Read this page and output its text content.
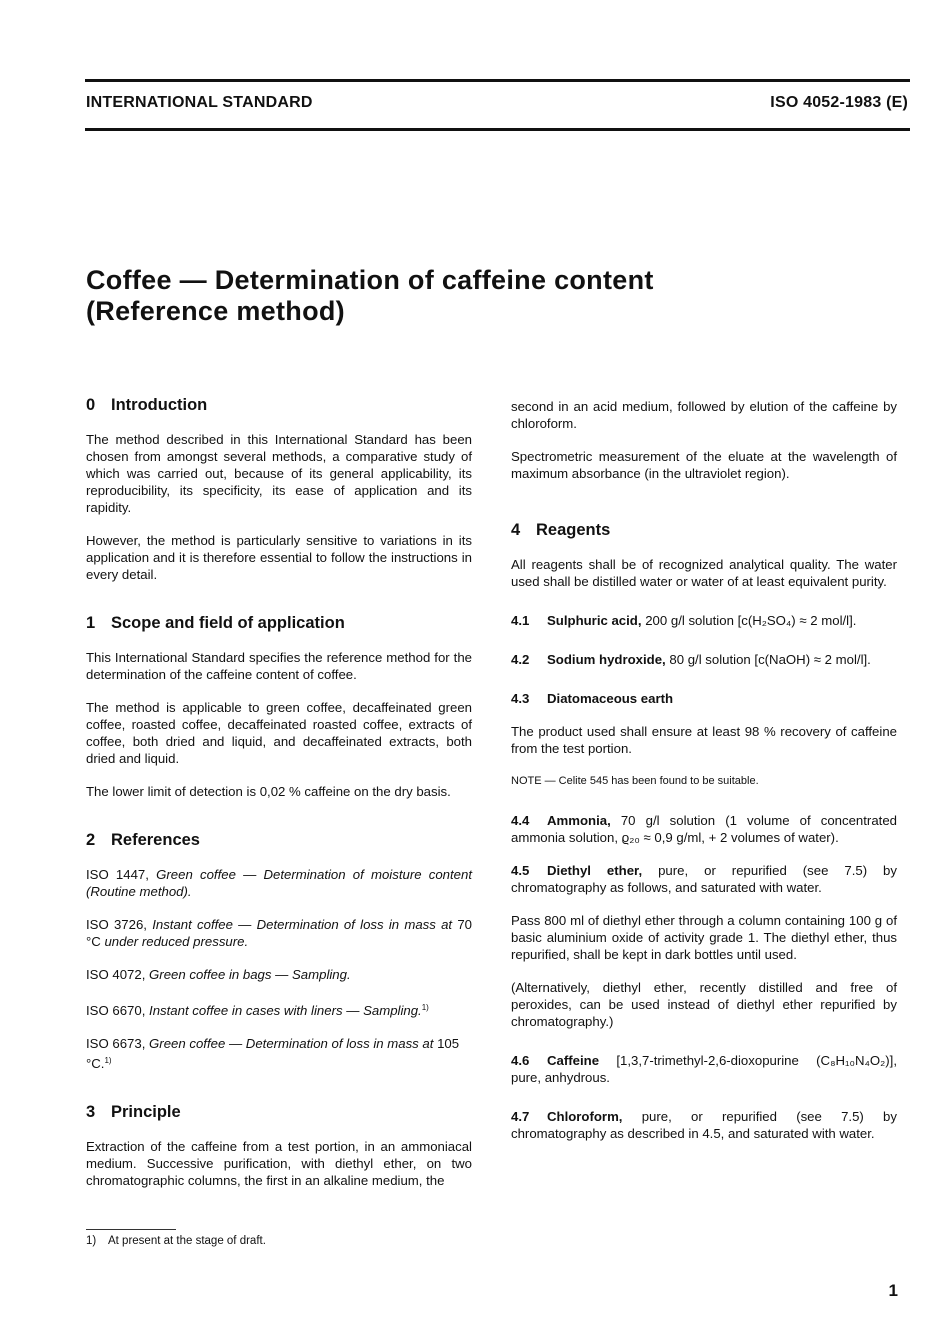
INTERNATIONAL STANDARD	ISO 4052-1983 (E)
Coffee — Determination of caffeine content
(Reference method)
0 Introduction

The method described in this International Standard has been chosen from amongst several methods, a comparative study of which was carried out, because of its general applicability, its reproducibility, its specificity, its ease of application and its rapidity.

However, the method is particularly sensitive to variations in its application and it is therefore essential to follow the instructions in every detail.

1 Scope and field of application

This International Standard specifies the reference method for the determination of the caffeine content of coffee.

The method is applicable to green coffee, decaffeinated green coffee, roasted coffee, decaffeinated roasted coffee, extracts of coffee, both dried and liquid, and decaffeinated extracts, both dried and liquid.

The lower limit of detection is 0,02 % caffeine on the dry basis.

2 References

ISO 1447, Green coffee — Determination of moisture content (Routine method).

ISO 3726, Instant coffee — Determination of loss in mass at 70 °C under reduced pressure.

ISO 4072, Green coffee in bags — Sampling.

ISO 6670, Instant coffee in cases with liners — Sampling.$^{1)}$

ISO 6673, Green coffee — Determination of loss in mass at 105 °C.$^{1)}$

3 Principle

Extraction of the caffeine from a test portion, in an ammoniacal medium. Successive purification, with diethyl ether, on two chromatographic columns, the first in an alkaline medium, the

second in an acid medium, followed by elution of the caffeine by chloroform.

Spectrometric measurement of the eluate at the wavelength of maximum absorbance (in the ultraviolet region).

4 Reagents

All reagents shall be of recognized analytical quality. The water used shall be distilled water or water of at least equivalent purity.

4.1 Sulphuric acid, 200 g/l solution [c(H₂SO₄) ≈ 2 mol/l].
4.2 Sodium hydroxide, 80 g/l solution [c(NaOH) ≈ 2 mol/l].
4.3 Diatomaceous earth

The product used shall ensure at least 98 % recovery of caffeine from the test portion.

NOTE — Celite 545 has been found to be suitable.

4.4 Ammonia, 70 g/l solution (1 volume of concentrated ammonia solution, ϱ₂₀ ≈ 0,9 g/ml, + 2 volumes of water).
4.5 Diethyl ether, pure, or repurified (see 7.5) by chromatography as follows, and saturated with water.

Pass 800 ml of diethyl ether through a column containing 100 g of basic aluminium oxide of activity grade 1. The diethyl ether, thus repurified, shall be kept in dark bottles until used.

(Alternatively, diethyl ether, recently distilled and free of peroxides, can be used instead of diethyl ether repurified by chromatography.)

4.6 Caffeine [1,3,7-trimethyl-2,6-dioxopurine (C₈H₁₀N₄O₂)], pure, anhydrous.
4.7 Chloroform, pure, or repurified (see 7.5) by chromatography as described in 4.5, and saturated with water.
1) At present at the stage of draft.
1
